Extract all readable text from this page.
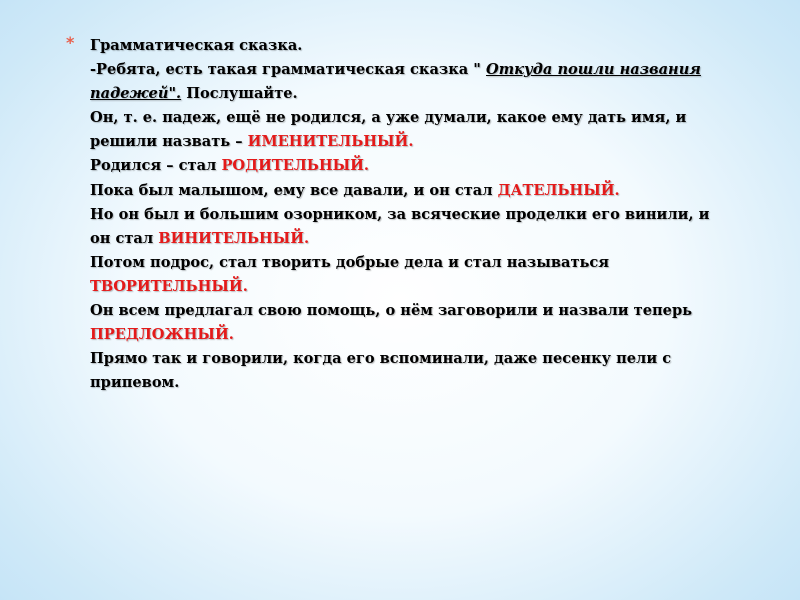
* Грамматическая сказка.
-Ребята, есть такая грамматическая сказка " Откуда пошли названия
падежей". Послушайте.
Он, т. е. падеж, ещё не родился, а уже думали, какое ему дать имя, и
решили назвать – ИМЕНИТЕЛЬНЫЙ.
Родился – стал РОДИТЕЛЬНЫЙ.
Пока был малышом, ему все давали, и он стал ДАТЕЛЬНЫЙ.
Но он был и большим озорником, за всяческие проделки его винили, и
он стал ВИНИТЕЛЬНЫЙ.
Потом подрос, стал творить добрые дела и стал называться
ТВОРИТЕЛЬНЫЙ.
Он всем предлагал свою помощь, о нём заговорили и назвали теперь
ПРЕДЛОЖНЫЙ.
Прямо так и говорили, когда его вспоминали, даже песенку пели с
припевом.
